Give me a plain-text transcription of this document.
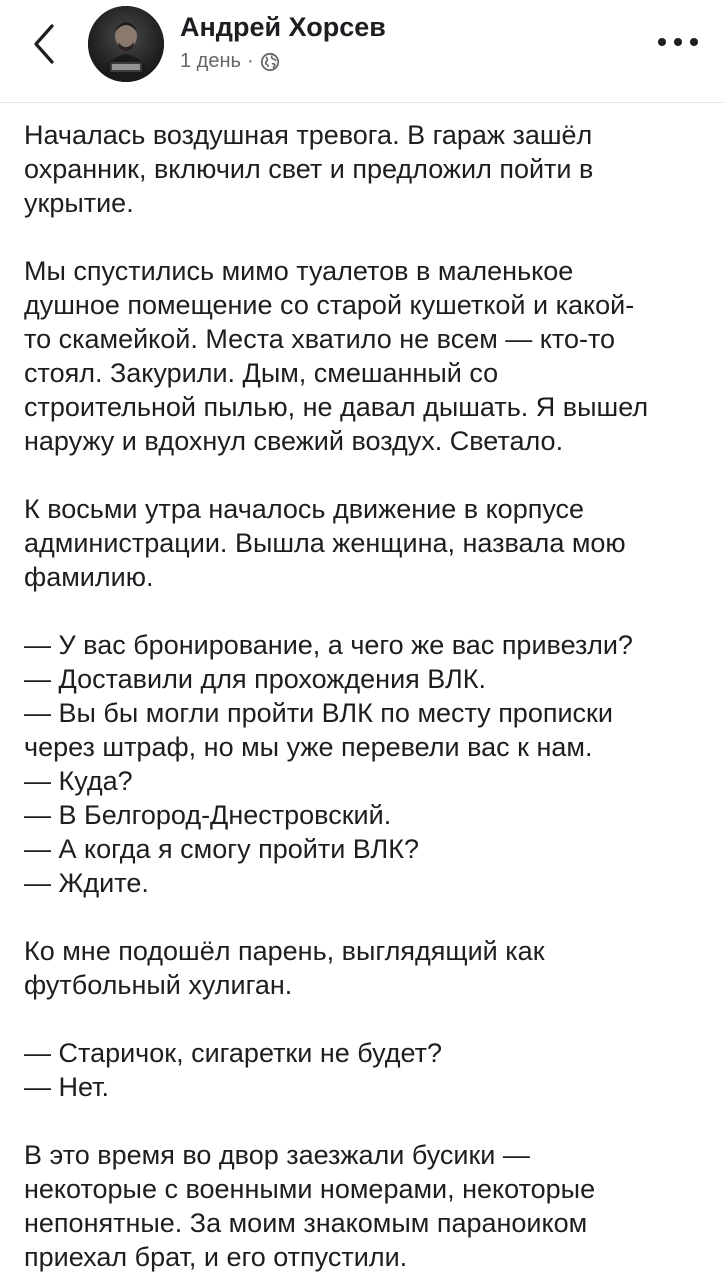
Андрей Хорсев
1 день ·

Началась воздушная тревога. В гараж зашёл
охранник, включил свет и предложил пойти в
укрытие.

Мы спустились мимо туалетов в маленькое
душное помещение со старой кушеткой и какой-
то скамейкой. Места хватило не всем — кто-то
стоял. Закурили. Дым, смешанный со
строительной пылью, не давал дышать. Я вышел
наружу и вдохнул свежий воздух. Светало.

К восьми утра началось движение в корпусе
администрации. Вышла женщина, назвала мою
фамилию.

— У вас бронирование, а чего же вас привезли?
— Доставили для прохождения ВЛК.
— Вы бы могли пройти ВЛК по месту прописки
через штраф, но мы уже перевели вас к нам.
— Куда?
— В Белгород-Днестровский.
— А когда я смогу пройти ВЛК?
— Ждите.

Ко мне подошёл парень, выглядящий как
футбольный хулиган.

— Старичок, сигаретки не будет?
— Нет.

В это время во двор заезжали бусики —
некоторые с военными номерами, некоторые
непонятные. За моим знакомым параноиком
приехал брат, и его отпустили.
